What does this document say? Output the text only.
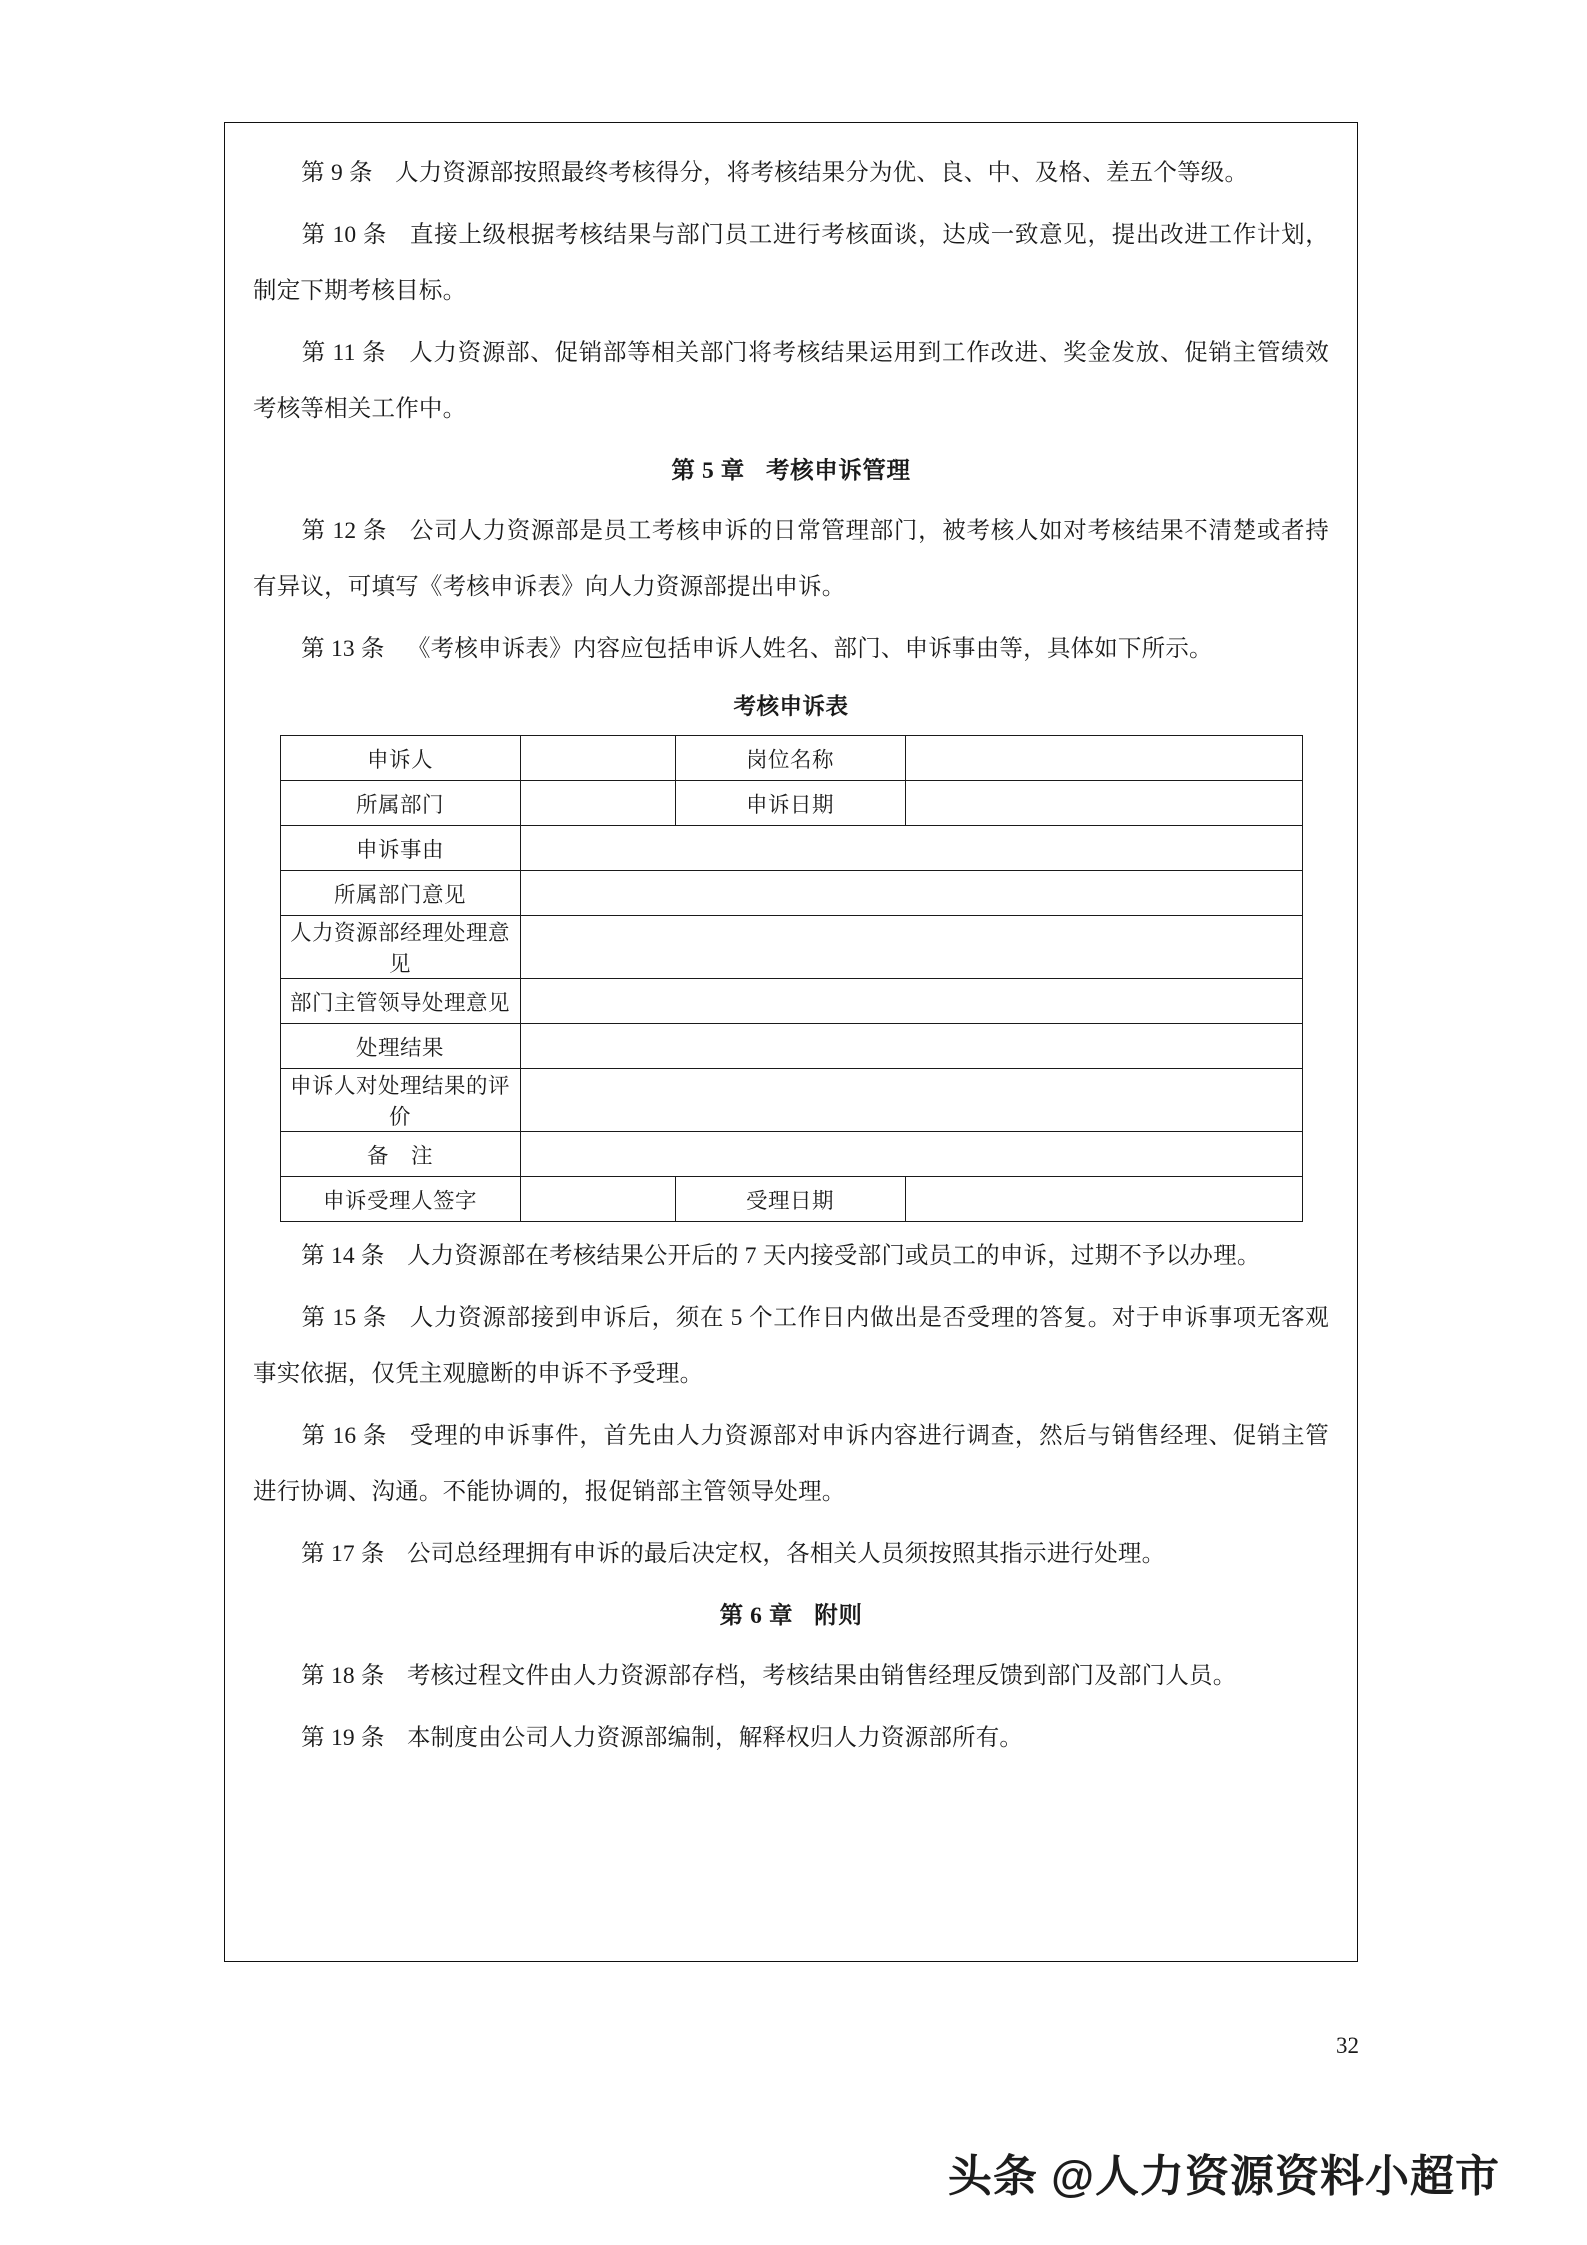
第 9 条 人力资源部按照最终考核得分，将考核结果分为优、良、中、及格、差五个等级。

第 10 条 直接上级根据考核结果与部门员工进行考核面谈，达成一致意见，提出改进工作计划，制定下期考核目标。

第 11 条 人力资源部、促销部等相关部门将考核结果运用到工作改进、奖金发放、促销主管绩效考核等相关工作中。

第 5 章 考核申诉管理

第 12 条 公司人力资源部是员工考核申诉的日常管理部门，被考核人如对考核结果不清楚或者持有异议，可填写《考核申诉表》向人力资源部提出申诉。

第 13 条 《考核申诉表》内容应包括申诉人姓名、部门、申诉事由等，具体如下所示。

考核申诉表
申诉人		岗位名称	
所属部门		申诉日期	
申诉事由			
所属部门意见			
人力资源部经理处理意见			
部门主管领导处理意见			
处理结果			
申诉人对处理结果的评价			
备　注			
申诉受理人签字		受理日期	

第 14 条 人力资源部在考核结果公开后的 7 天内接受部门或员工的申诉，过期不予以办理。

第 15 条 人力资源部接到申诉后，须在 5 个工作日内做出是否受理的答复。对于申诉事项无客观事实依据，仅凭主观臆断的申诉不予受理。

第 16 条 受理的申诉事件，首先由人力资源部对申诉内容进行调查，然后与销售经理、促销主管进行协调、沟通。不能协调的，报促销部主管领导处理。

第 17 条 公司总经理拥有申诉的最后决定权，各相关人员须按照其指示进行处理。

第 6 章 附则

第 18 条 考核过程文件由人力资源部存档，考核结果由销售经理反馈到部门及部门人员。

第 19 条 本制度由公司人力资源部编制，解释权归人力资源部所有。

32
头条 @人力资源资料小超市
